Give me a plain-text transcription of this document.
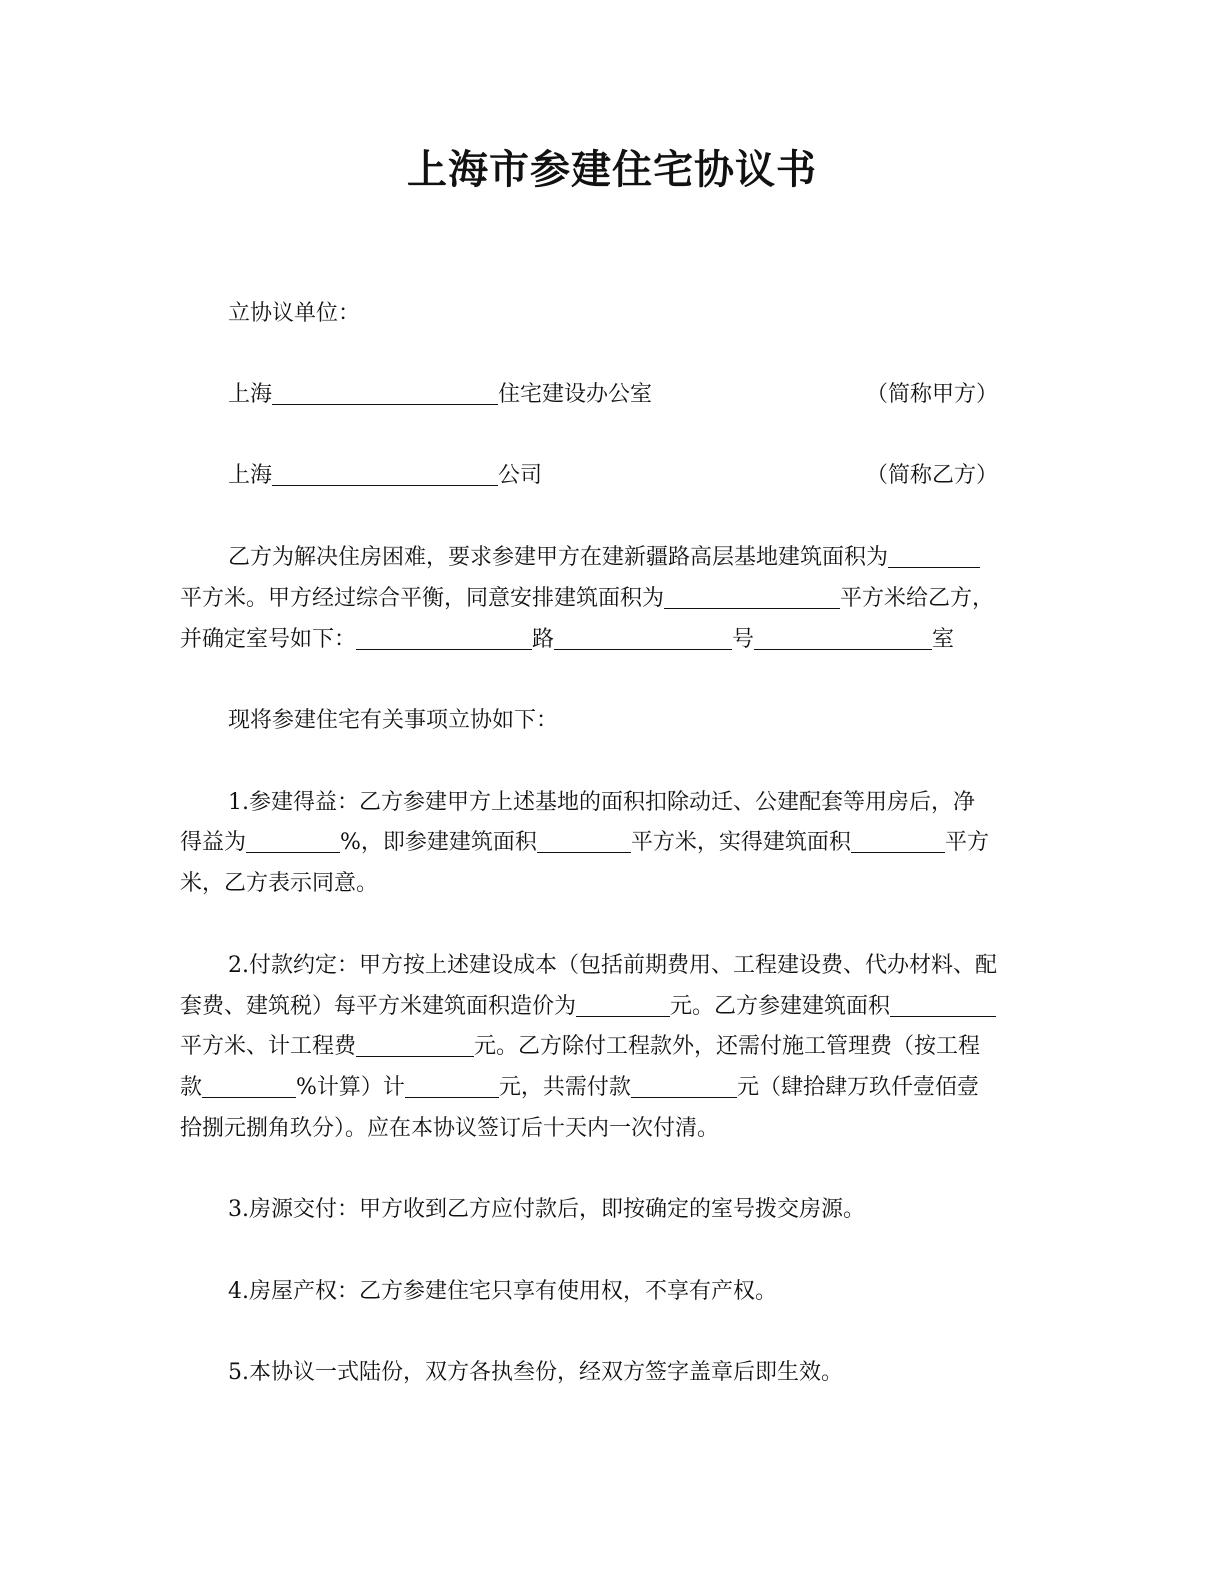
上海市参建住宅协议书
立协议单位：
上海	住宅建设办公室	（简称甲方）
上海	公司	（简称乙方）
乙方为解决住房困难，要求参建甲方在建新疆路高层基地建筑面积为
平方米。甲方经过综合平衡，同意安排建筑面积为	平方米给乙方，
并确定室号如下：	路	号	室
现将参建住宅有关事项立协如下：
1.参建得益：乙方参建甲方上述基地的面积扣除动迁、公建配套等用房后，净
得益为	%，即参建建筑面积	平方米，实得建筑面积	平方
米，乙方表示同意。
2.付款约定：甲方按上述建设成本（包括前期费用、工程建设费、代办材料、配
套费、建筑税）每平方米建筑面积造价为	元。乙方参建建筑面积
平方米、计工程费	元。乙方除付工程款外，还需付施工管理费（按工程
款	%计算）计	元，共需付款	元（肆拾肆万玖仟壹佰壹
拾捌元捌角玖分）。应在本协议签订后十天内一次付清。
3.房源交付：甲方收到乙方应付款后，即按确定的室号拨交房源。
4.房屋产权：乙方参建住宅只享有使用权，不享有产权。
5.本协议一式陆份，双方各执叁份，经双方签字盖章后即生效。
